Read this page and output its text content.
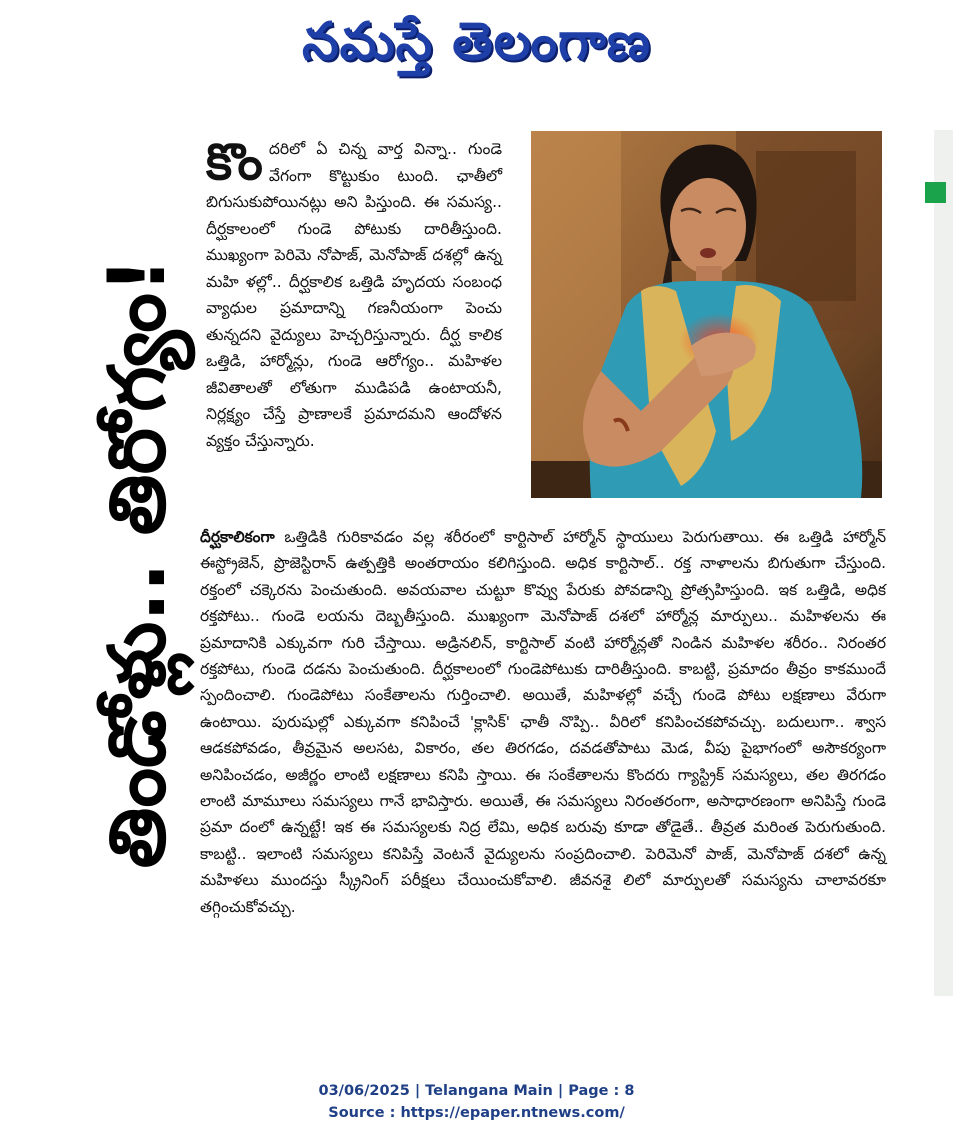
నమస్తే తెలంగాణ
తిండోళ్లు.. తిరోగ్యం!
కొం దరిలో ఏ చిన్న వార్త విన్నా.. గుండె వేగంగా కొట్టుకుం టుంది. ఛాతీలో బిగుసుకుపోయినట్లు అని పిస్తుంది. ఈ సమస్య.. దీర్ఘకాలంలో గుండె పోటుకు దారితీస్తుంది. ముఖ్యంగా పెరిమె నోపాజ్, మెనోపాజ్ దశల్లో ఉన్న మహి ళల్లో.. దీర్ఘకాలిక ఒత్తిడి హృదయ సంబంధ వ్యాధుల ప్రమాదాన్ని గణనీయంగా పెంచు తున్నదని వైద్యులు హెచ్చరిస్తున్నారు. దీర్ఘ కాలిక ఒత్తిడి, హార్మోన్లు, గుండె ఆరోగ్యం.. మహిళల జీవితాలతో లోతుగా ముడిపడి ఉంటాయనీ, నిర్లక్ష్యం చేస్తే ప్రాణాలకే ప్రమాదమని ఆందోళన వ్యక్తం చేస్తున్నారు.
దీర్ఘకాలికంగా ఒత్తిడికి గురికావడం వల్ల శరీరంలో కార్టిసాల్ హార్మోన్ స్థాయులు పెరుగుతాయి. ఈ ఒత్తిడి హార్మోన్ ఈస్ట్రోజెన్, ప్రొజెస్టిరాన్ ఉత్పత్తికి అంతరాయం కలిగిస్తుంది. అధిక కార్టిసాల్.. రక్త నాళాలను బిగుతుగా చేస్తుంది. రక్తంలో చక్కెరను పెంచుతుంది. అవయవాల చుట్టూ కొవ్వు పేరుకు పోవడాన్ని ప్రోత్సహిస్తుంది. ఇక ఒత్తిడి, అధిక రక్తపోటు.. గుండె లయను దెబ్బతీస్తుంది. ముఖ్యంగా మెనోపాజ్ దశలో హార్మోన్ల మార్పులు.. మహిళలను ఈ ప్రమాదానికి ఎక్కువగా గురి చేస్తాయి. అడ్రినలిన్, కార్టిసాల్ వంటి హార్మోన్లతో నిండిన మహిళల శరీరం.. నిరంతర రక్తపోటు, గుండె దడను పెంచుతుంది. దీర్ఘకాలంలో గుండెపోటుకు దారితీస్తుంది. కాబట్టి, ప్రమాదం తీవ్రం కాకముందే స్పందించాలి. గుండెపోటు సంకేతాలను గుర్తించాలి. అయితే, మహిళల్లో వచ్చే గుండె పోటు లక్షణాలు వేరుగా ఉంటాయి. పురుషుల్లో ఎక్కువగా కనిపించే 'క్లాసిక్' ఛాతీ నొప్పి.. వీరిలో కనిపించకపోవచ్చు. బదులుగా.. శ్వాస ఆడకపోవడం, తీవ్రమైన అలసట, వికారం, తల తిరగడం, దవడతోపాటు మెడ, వీపు పైభాగంలో అసౌకర్యంగా అనిపించడం, అజీర్ణం లాంటి లక్షణాలు కనిపి స్తాయి. ఈ సంకేతాలను కొందరు గ్యాస్ట్రిక్ సమస్యలు, తల తిరగడం లాంటి మామూలు సమస్యలు గానే భావిస్తారు. అయితే, ఈ సమస్యలు నిరంతరంగా, అసాధారణంగా అనిపిస్తే గుండె ప్రమా దంలో ఉన్నట్టే! ఇక ఈ సమస్యలకు నిద్ర లేమి, అధిక బరువు కూడా తోడైతే.. తీవ్రత మరింత పెరుగుతుంది. కాబట్టి.. ఇలాంటి సమస్యలు కనిపిస్తే వెంటనే వైద్యులను సంప్రదించాలి. పెరిమెనో పాజ్, మెనోపాజ్ దశలో ఉన్న మహిళలు ముందస్తు స్క్రీనింగ్ పరీక్షలు చేయించుకోవాలి. జీవనశై లిలో మార్పులతో సమస్యను చాలావరకూ తగ్గించుకోవచ్చు.
03/06/2025 | Telangana Main | Page : 8
Source : https://epaper.ntnews.com/
